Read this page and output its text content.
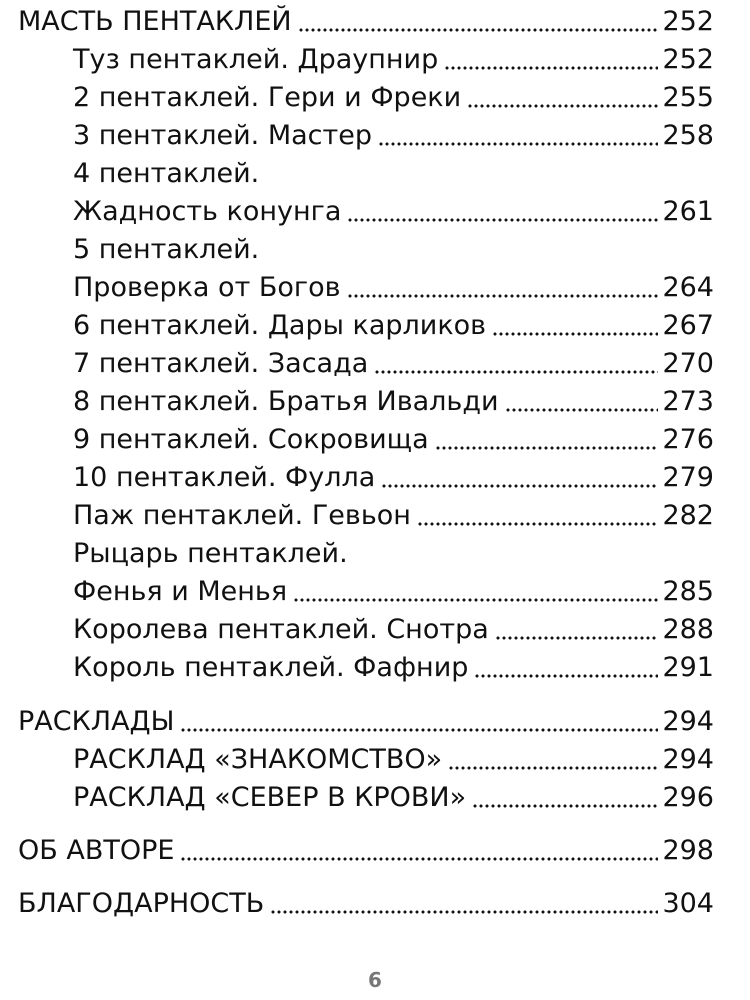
МАСТЬ ПЕНТАКЛЕЙ	252
Туз пентаклей. Драупнир	252
2 пентаклей. Гери и Фреки	255
3 пентаклей. Мастер	258
4 пентаклей.
Жадность конунга	261
5 пентаклей.
Проверка от Богов	264
6 пентаклей. Дары карликов	267
7 пентаклей. Засада	270
8 пентаклей. Братья Ивальди	273
9 пентаклей. Сокровища	276
10 пентаклей. Фулла	279
Паж пентаклей. Гевьон	282
Рыцарь пентаклей.
Фенья и Менья	285
Королева пентаклей. Снотра	288
Король пентаклей. Фафнир	291
РАСКЛАДЫ	294
РАСКЛАД «ЗНАКОМСТВО»	294
РАСКЛАД «СЕВЕР В КРОВИ»	296
ОБ АВТОРЕ	298
БЛАГОДАРНОСТЬ	304
6
